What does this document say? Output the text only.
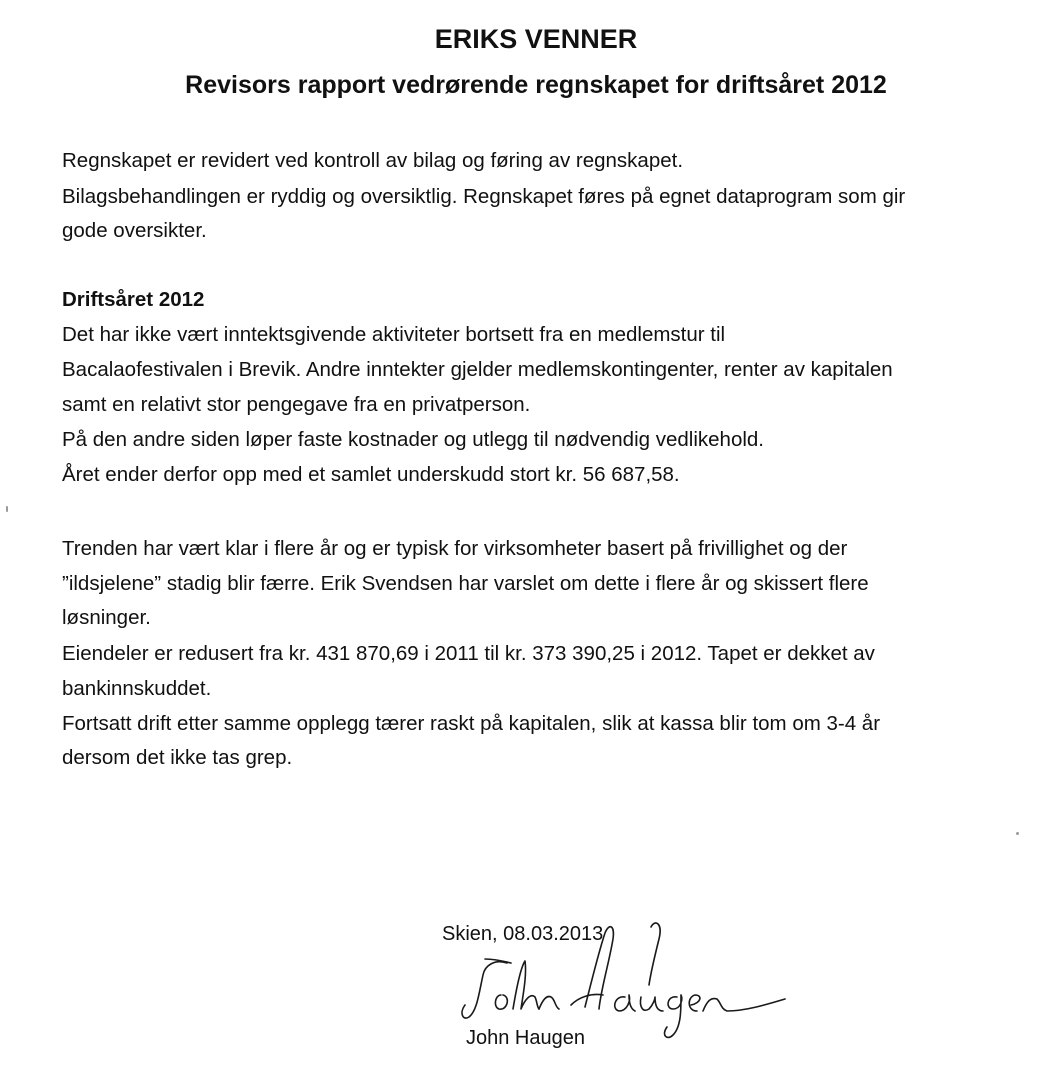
ERIKS VENNER
Revisors rapport vedrørende regnskapet for driftsåret 2012

Regnskapet er revidert ved kontroll av bilag og føring av regnskapet.

Bilagsbehandlingen er ryddig og oversiktlig. Regnskapet føres på egnet dataprogram som gir

gode oversikter.

Driftsåret 2012

Det har ikke vært inntektsgivende aktiviteter bortsett fra en medlemstur til

Bacalaofestivalen i Brevik. Andre inntekter gjelder medlemskontingenter, renter av kapitalen

samt en relativt stor pengegave fra en privatperson.

På den andre siden løper faste kostnader og utlegg til nødvendig vedlikehold.

Året ender derfor opp med et samlet underskudd stort kr. 56 687,58.

Trenden har vært klar i flere år og er typisk for virksomheter basert på frivillighet og der

”ildsjelene” stadig blir færre. Erik Svendsen har varslet om dette i flere år og skissert flere

løsninger.

Eiendeler er redusert fra kr. 431 870,69 i 2011 til kr. 373 390,25 i 2012. Tapet er dekket av

bankinnskuddet.

Fortsatt drift etter samme opplegg tærer raskt på kapitalen, slik at kassa blir tom om 3-4 år

dersom det ikke tas grep.

Skien, 08.03.2013
John Haugen
